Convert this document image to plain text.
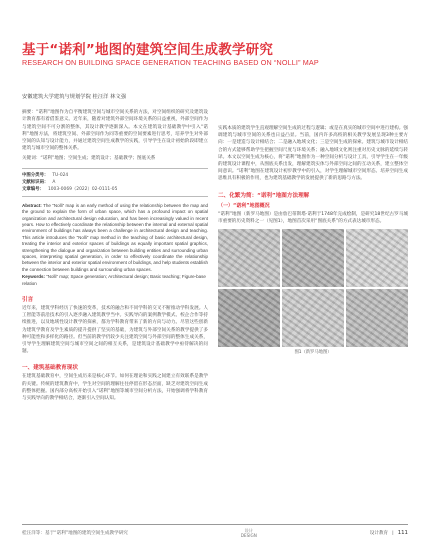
基于“诺利”地图的建筑空间生成教学研究
RESEARCH ON BUILDING SPACE GENERATION TEACHING BASED ON “NOLLI” MAP
安徽建筑大学建筑与规划学院 桂汪洋 林文强

摘要：“诺利”地图作为自平衡建筑空间与城市空间关系的方法，对空间组织的研究及建筑设计教育都有着借鉴意义。近年来，随着对建筑外部空间环境关系的日益重视，外部空间作为与建筑空间不可分割的整体，其设计教学逐渐深入。本文在建筑设计基础教学中引入“诺利”地图方法，将建筑空间、外部空间作为同等重要的空间要素进行思考，培养学生对外部空间的认知与设计能力，并通过建筑空间生成教学的实践，引导学生在设计初始阶段即建立建筑与城市空间的整体关系。

关键词：“诺利”地图；空间生成；建筑设计；基础教学；图底关系

中图分类号： TU-024
文献标识码： A
文章编号： 1003-0069（2022）02-0111-05

Abstract: The “Nolli” map is an early method of using the relationship between the map and the ground to explain the form of urban space, which has a profound impact on spatial organization and architectural design education, and has been increasingly valued in recent years. How to effectively coordinate the relationship between the internal and external spatial environment of buildings has always been a challenge in architectural design and teaching. This article introduces the “Nolli” map method in the teaching of basic architectural design, treating the interior and exterior spaces of buildings as equally important spatial graphics, strengthening the dialogue and organization between building entities and surrounding urban spaces, interpreting spatial generation, in order to effectively coordinate the relationship between the interior and exterior spatial environment of buildings, and help students establish the connection between buildings and surrounding urban spaces.

Keywords: “Nolli” map; Space generation; Architectural design; Basic teaching; Figure-base relation

引言

近年来，建筑学科经历了快速的变革，技术的融合和不同学科的交叉不断推动学科发展。人工智能等前沿技术的引入逐步融入建筑教学当中。实践导向的案例教学模式、校企合作等持续推进，以及地域性设计教学的探索，都为学科教育带来了新的方向与动力。尽管这些创新为建筑学教育及学生素质的提升提供了坚实的基础，为建筑与外部空间关系的教学提供了多种可能性和多样化的路径。但当前的教学仍较少关注建筑空间与外部空间的整体生成关系，引导学生理解建筑空间与城市空间之间的相互关系，是建筑设计基础教学中亟待解决的问题。

一、建筑基础教育现状

在建筑基础教育中，空间生成历来是核心环节。如何在理论和实践之间建立有效联系是教学的关键。传统的建筑教育中，学生对空间的理解往往停留在形态层面，缺乏对建筑空间生成的整体把握。国内部分高校开始引入“诺利”地图等城市空间分析方法，开始强调将学科教育与实践导向的教学相结合，逐渐引入空间认知。

实践本质的建筑学生直观理解空间生成的过程与逻辑；或是在真实的城市空间中进行建构。强调建筑与城市空间的关系也日益凸显。当前，国内许多高校的相关教学发展呈现3种主要方向：一是建造与设计相结合；二是融入地域文化；三是空间生成的探索。建筑与城市设计相结合的方式能够帮助学生把握空间尺度与环境关系；融入地域文化则注重对历史文脉的延续与转译。本文以空间生成为核心，将“诺利”地图作为一种空间分析与设计工具，引导学生在一年级的建筑设计课程中，从图底关系出发，理解建筑实体与外部空间之间的互动关系，建立整体空间意识。“诺利”地图在建筑设计初步教学中的引入，对学生理解城市空间形态、培养空间生成思维具有积极的作用，也为建筑基础教学的发展提供了新的思路与方法。

二、化繁为简：“诺利”地图方法理解
（一）“诺利”地图概况

“诺利”地图（新罗马地图）是由詹巴蒂斯塔·诺利于1748年完成绘制，是研究18世纪古罗马城市重要的历史资料之一（见图1），地图首次采用“图底关系”的方式表达城市形态。

图1（新罗马地图）
桂汪洋等：基于“诺利”地图的建筑空间生成教学研究
设计
DESIGN	设计教育 | 111
